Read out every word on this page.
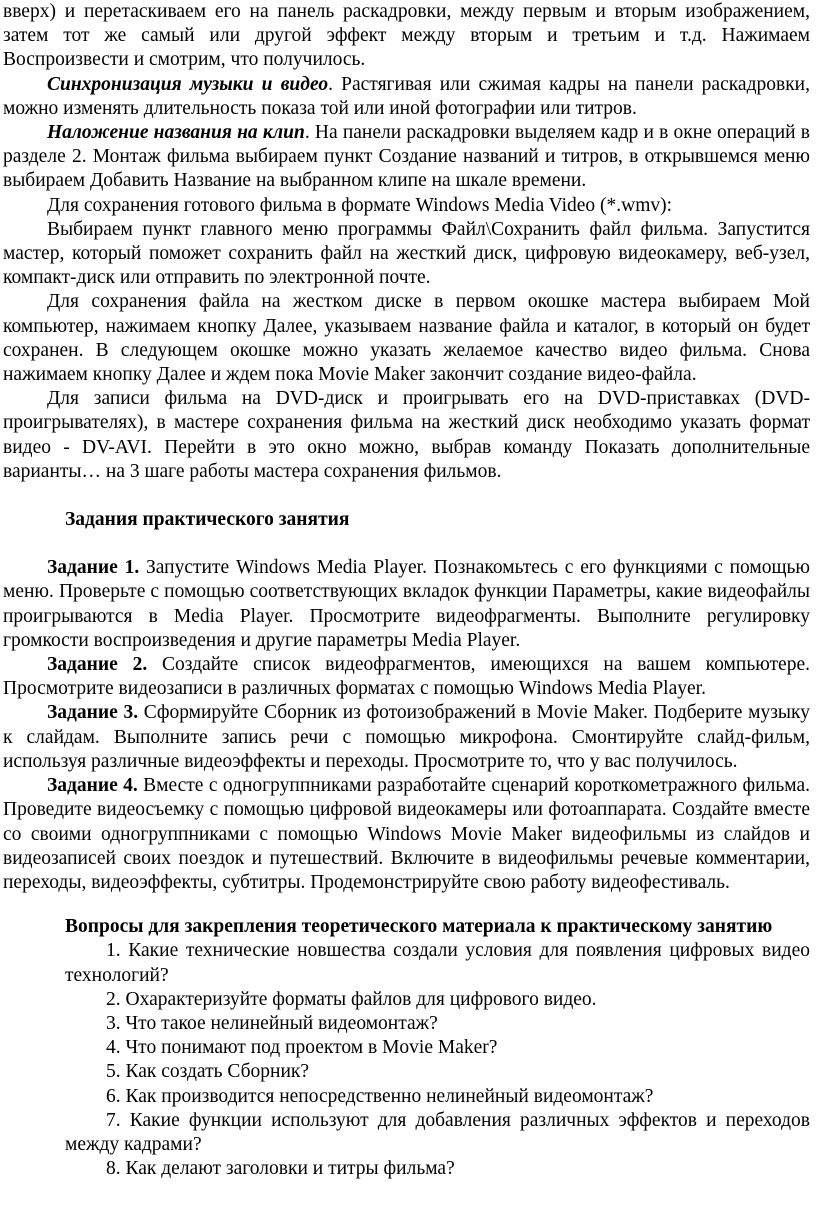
вверх) и перетаскиваем его на панель раскадровки, между первым и вторым изображением, затем тот же самый или другой эффект между вторым и третьим и т.д. Нажимаем Воспроизвести и смотрим, что получилось.

Синхронизация музыки и видео. Растягивая или сжимая кадры на панели раскадровки, можно изменять длительность показа той или иной фотографии или титров.

Наложение названия на клип. На панели раскадровки выделяем кадр и в окне операций в разделе 2. Монтаж фильма выбираем пункт Создание названий и титров, в открывшемся меню выбираем Добавить Название на выбранном клипе на шкале времени.

Для сохранения готового фильма в формате Windows Media Video (*.wmv):

Выбираем пункт главного меню программы Файл\Сохранить файл фильма. Запустится мастер, который поможет сохранить файл на жесткий диск, цифровую видеокамеру, веб-узел, компакт-диск или отправить по электронной почте.

Для сохранения файла на жестком диске в первом окошке мастера выбираем Мой компьютер, нажимаем кнопку Далее, указываем название файла и каталог, в который он будет сохранен. В следующем окошке можно указать желаемое качество видео фильма. Снова нажимаем кнопку Далее и ждем пока Movie Maker закончит создание видео-файла.

Для записи фильма на DVD-диск и проигрывать его на DVD-приставках (DVD-проигрывателях), в мастере сохранения фильма на жесткий диск необходимо указать формат видео - DV-AVI. Перейти в это окно можно, выбрав команду Показать дополнительные варианты… на 3 шаге работы мастера сохранения фильмов.

Задания практического занятия

Задание 1. Запустите Windows Media Player. Познакомьтесь с его функциями с помощью меню. Проверьте с помощью соответствующих вкладок функции Параметры, какие видеофайлы проигрываются в Media Player. Просмотрите видеофрагменты. Выполните регулировку громкости воспроизведения и другие параметры Media Player.

Задание 2. Создайте список видеофрагментов, имеющихся на вашем компьютере. Просмотрите видеозаписи в различных форматах с помощью Windows Media Player.

Задание 3. Сформируйте Сборник из фотоизображений в Movie Maker. Подберите музыку к слайдам. Выполните запись речи с помощью микрофона. Смонтируйте слайд-фильм, используя различные видеоэффекты и переходы. Просмотрите то, что у вас получилось.

Задание 4. Вместе с одногруппниками разработайте сценарий короткометражного фильма. Проведите видеосъемку с помощью цифровой видеокамеры или фотоаппарата. Создайте вместе со своими одногруппниками с помощью Windows Movie Maker видеофильмы из слайдов и видеозаписей своих поездок и путешествий. Включите в видеофильмы речевые комментарии, переходы, видеоэффекты, субтитры. Продемонстрируйте свою работу видеофестиваль.

Вопросы для закрепления теоретического материала к практическому занятию

1. Какие технические новшества создали условия для появления цифровых видео технологий?

2. Охарактеризуйте форматы файлов для цифрового видео.

3. Что такое нелинейный видеомонтаж?

4. Что понимают под проектом в Movie Maker?

5. Как создать Сборник?

6. Как производится непосредственно нелинейный видеомонтаж?

7. Какие функции используют для добавления различных эффектов и переходов между кадрами?

8. Как делают заголовки и титры фильма?
